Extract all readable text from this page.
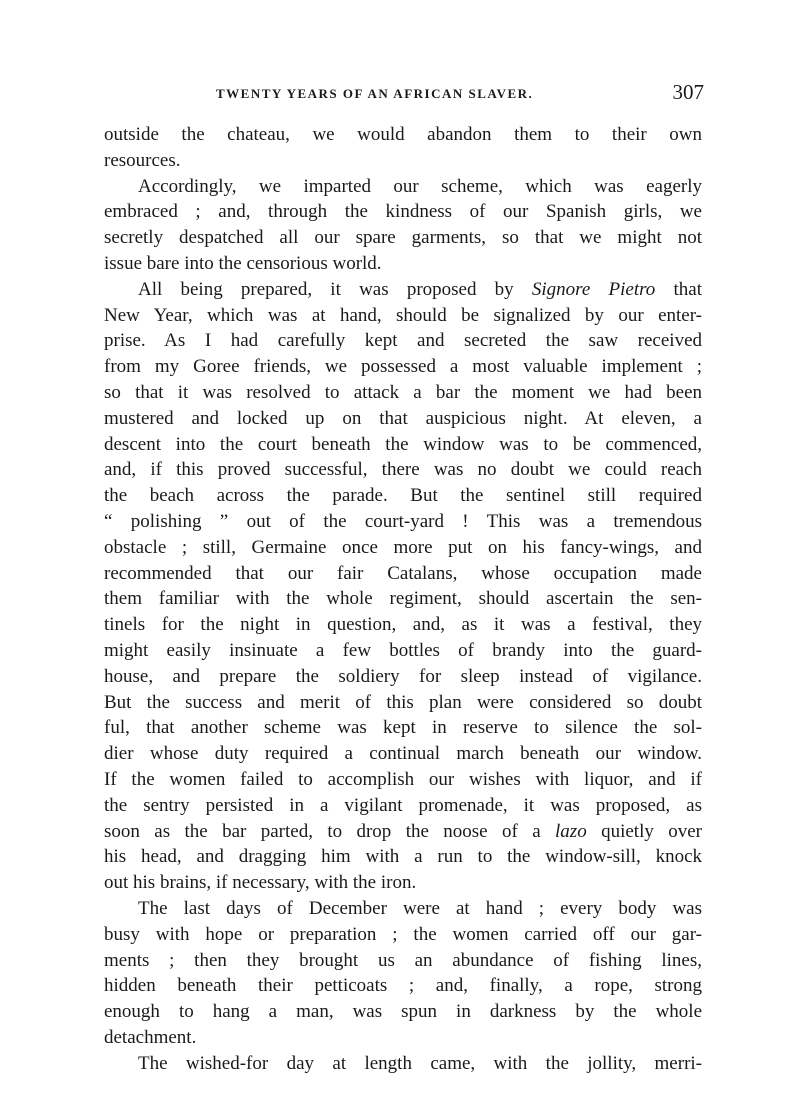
TWENTY YEARS OF AN AFRICAN SLAVER.	307
outside the chateau, we would abandon them to their own
resources.
Accordingly, we imparted our scheme, which was eagerly
embraced ; and, through the kindness of our Spanish girls, we
secretly despatched all our spare garments, so that we might not
issue bare into the censorious world.
All being prepared, it was proposed by Signore Pietro that
New Year, which was at hand, should be signalized by our enter-
prise. As I had carefully kept and secreted the saw received
from my Goree friends, we possessed a most valuable implement ;
so that it was resolved to attack a bar the moment we had been
mustered and locked up on that auspicious night. At eleven, a
descent into the court beneath the window was to be commenced,
and, if this proved successful, there was no doubt we could reach
the beach across the parade. But the sentinel still required
“ polishing ” out of the court-yard ! This was a tremendous
obstacle ; still, Germaine once more put on his fancy-wings, and
recommended that our fair Catalans, whose occupation made
them familiar with the whole regiment, should ascertain the sen-
tinels for the night in question, and, as it was a festival, they
might easily insinuate a few bottles of brandy into the guard-
house, and prepare the soldiery for sleep instead of vigilance.
But the success and merit of this plan were considered so doubt
ful, that another scheme was kept in reserve to silence the sol-
dier whose duty required a continual march beneath our window.
If the women failed to accomplish our wishes with liquor, and if
the sentry persisted in a vigilant promenade, it was proposed, as
soon as the bar parted, to drop the noose of a lazo quietly over
his head, and dragging him with a run to the window-sill, knock
out his brains, if necessary, with the iron.
The last days of December were at hand ; every body was
busy with hope or preparation ; the women carried off our gar-
ments ; then they brought us an abundance of fishing lines,
hidden beneath their petticoats ; and, finally, a rope, strong
enough to hang a man, was spun in darkness by the whole
detachment.
The wished-for day at length came, with the jollity, merri-
